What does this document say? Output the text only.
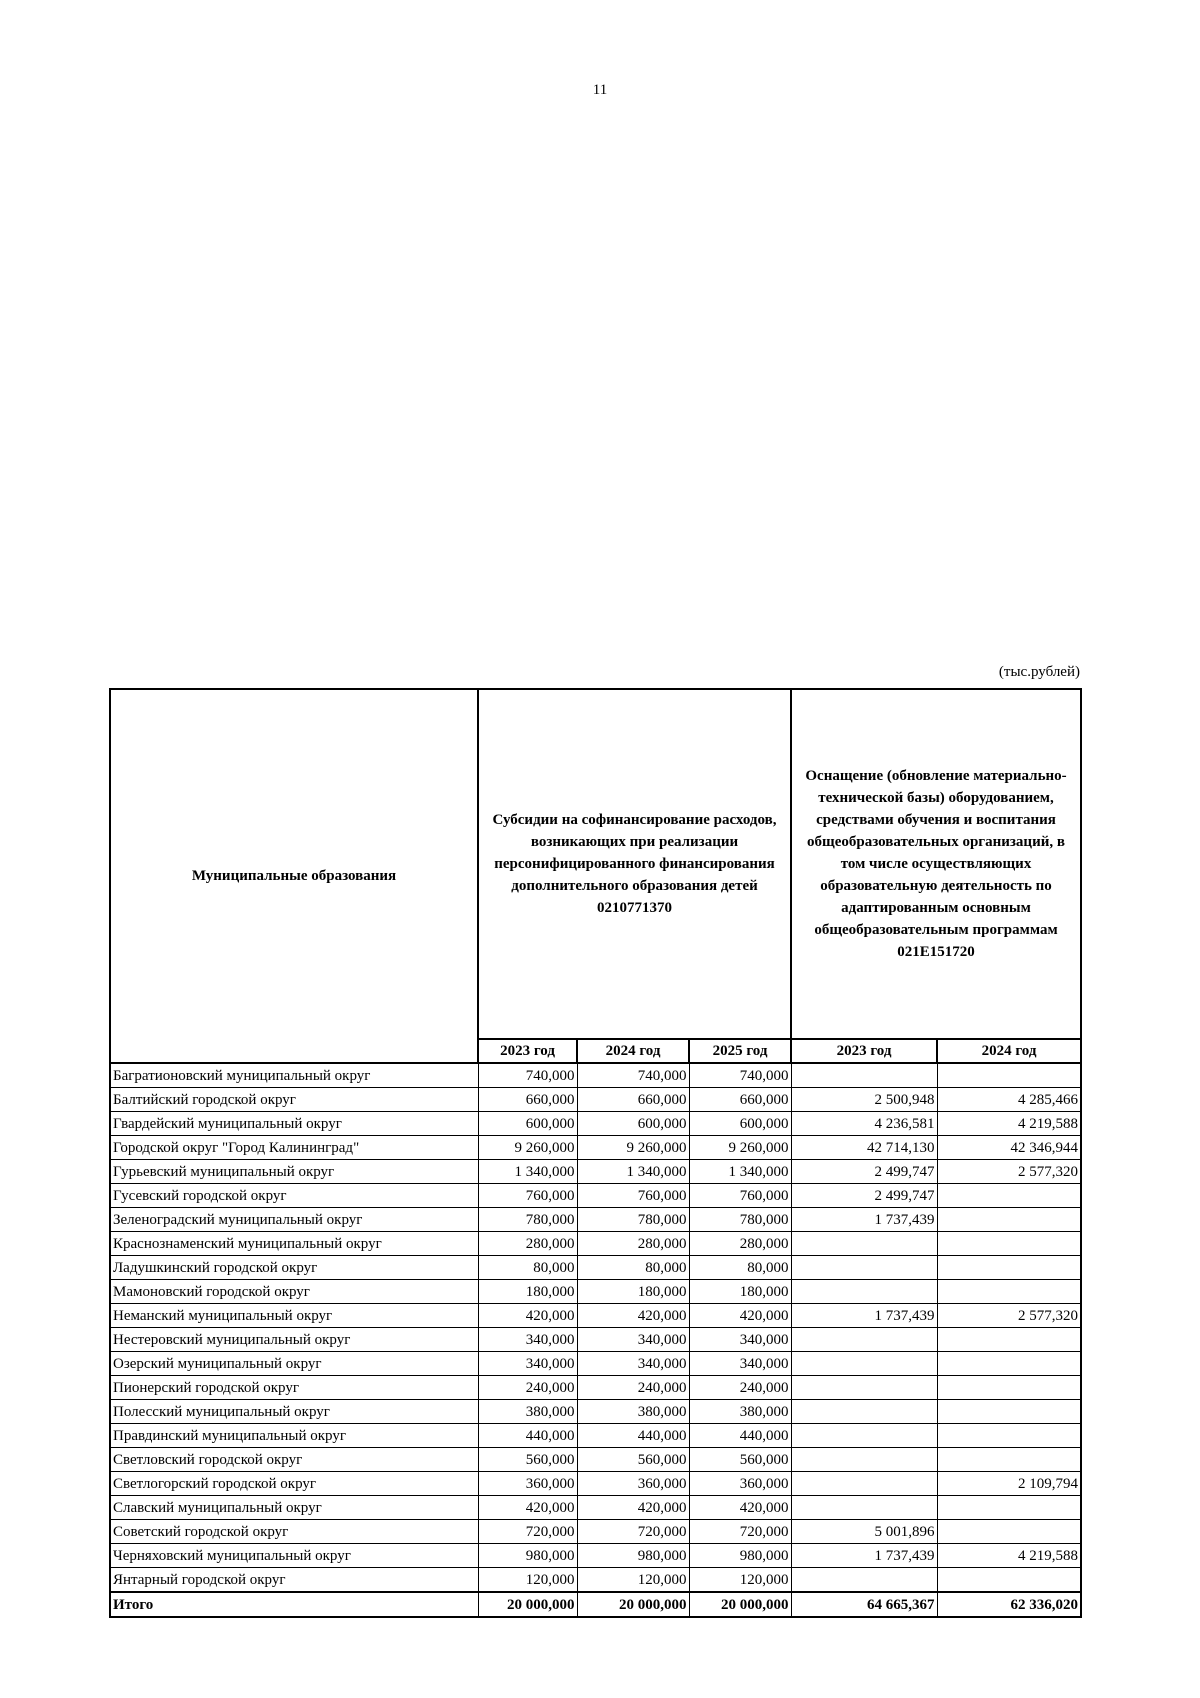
11
(тыс.рублей)
Муниципальные образования	Субсидии на софинансирование расходов, возникающих при реализации персонифицированного финансирования дополнительного образования детей 0210771370			Оснащение (обновление материально-технической базы) оборудованием, средствами обучения и воспитания общеобразовательных организаций, в том числе осуществляющих образовательную деятельность по адаптированным основным общеобразовательным программам 021E151720	
	2023 год	2024 год	2025 год	2023 год	2024 год
Багратионовский муниципальный округ	740,000	740,000	740,000		
Балтийский городской округ	660,000	660,000	660,000	2 500,948	4 285,466
Гвардейский муниципальный округ	600,000	600,000	600,000	4 236,581	4 219,588
Городской округ "Город Калининград"	9 260,000	9 260,000	9 260,000	42 714,130	42 346,944
Гурьевский муниципальный округ	1 340,000	1 340,000	1 340,000	2 499,747	2 577,320
Гусевский городской округ	760,000	760,000	760,000	2 499,747	
Зеленоградский муниципальный округ	780,000	780,000	780,000	1 737,439	
Краснознаменский муниципальный округ	280,000	280,000	280,000		
Ладушкинский городской округ	80,000	80,000	80,000		
Мамоновский городской округ	180,000	180,000	180,000		
Неманский муниципальный округ	420,000	420,000	420,000	1 737,439	2 577,320
Нестеровский муниципальный округ	340,000	340,000	340,000		
Озерский муниципальный округ	340,000	340,000	340,000		
Пионерский городской округ	240,000	240,000	240,000		
Полесский муниципальный округ	380,000	380,000	380,000		
Правдинский муниципальный округ	440,000	440,000	440,000		
Светловский городской округ	560,000	560,000	560,000		
Светлогорский городской округ	360,000	360,000	360,000		2 109,794
Славский муниципальный округ	420,000	420,000	420,000		
Советский городской округ	720,000	720,000	720,000	5 001,896	
Черняховский муниципальный округ	980,000	980,000	980,000	1 737,439	4 219,588
Янтарный городской округ	120,000	120,000	120,000		
Итого	20 000,000	20 000,000	20 000,000	64 665,367	62 336,020
